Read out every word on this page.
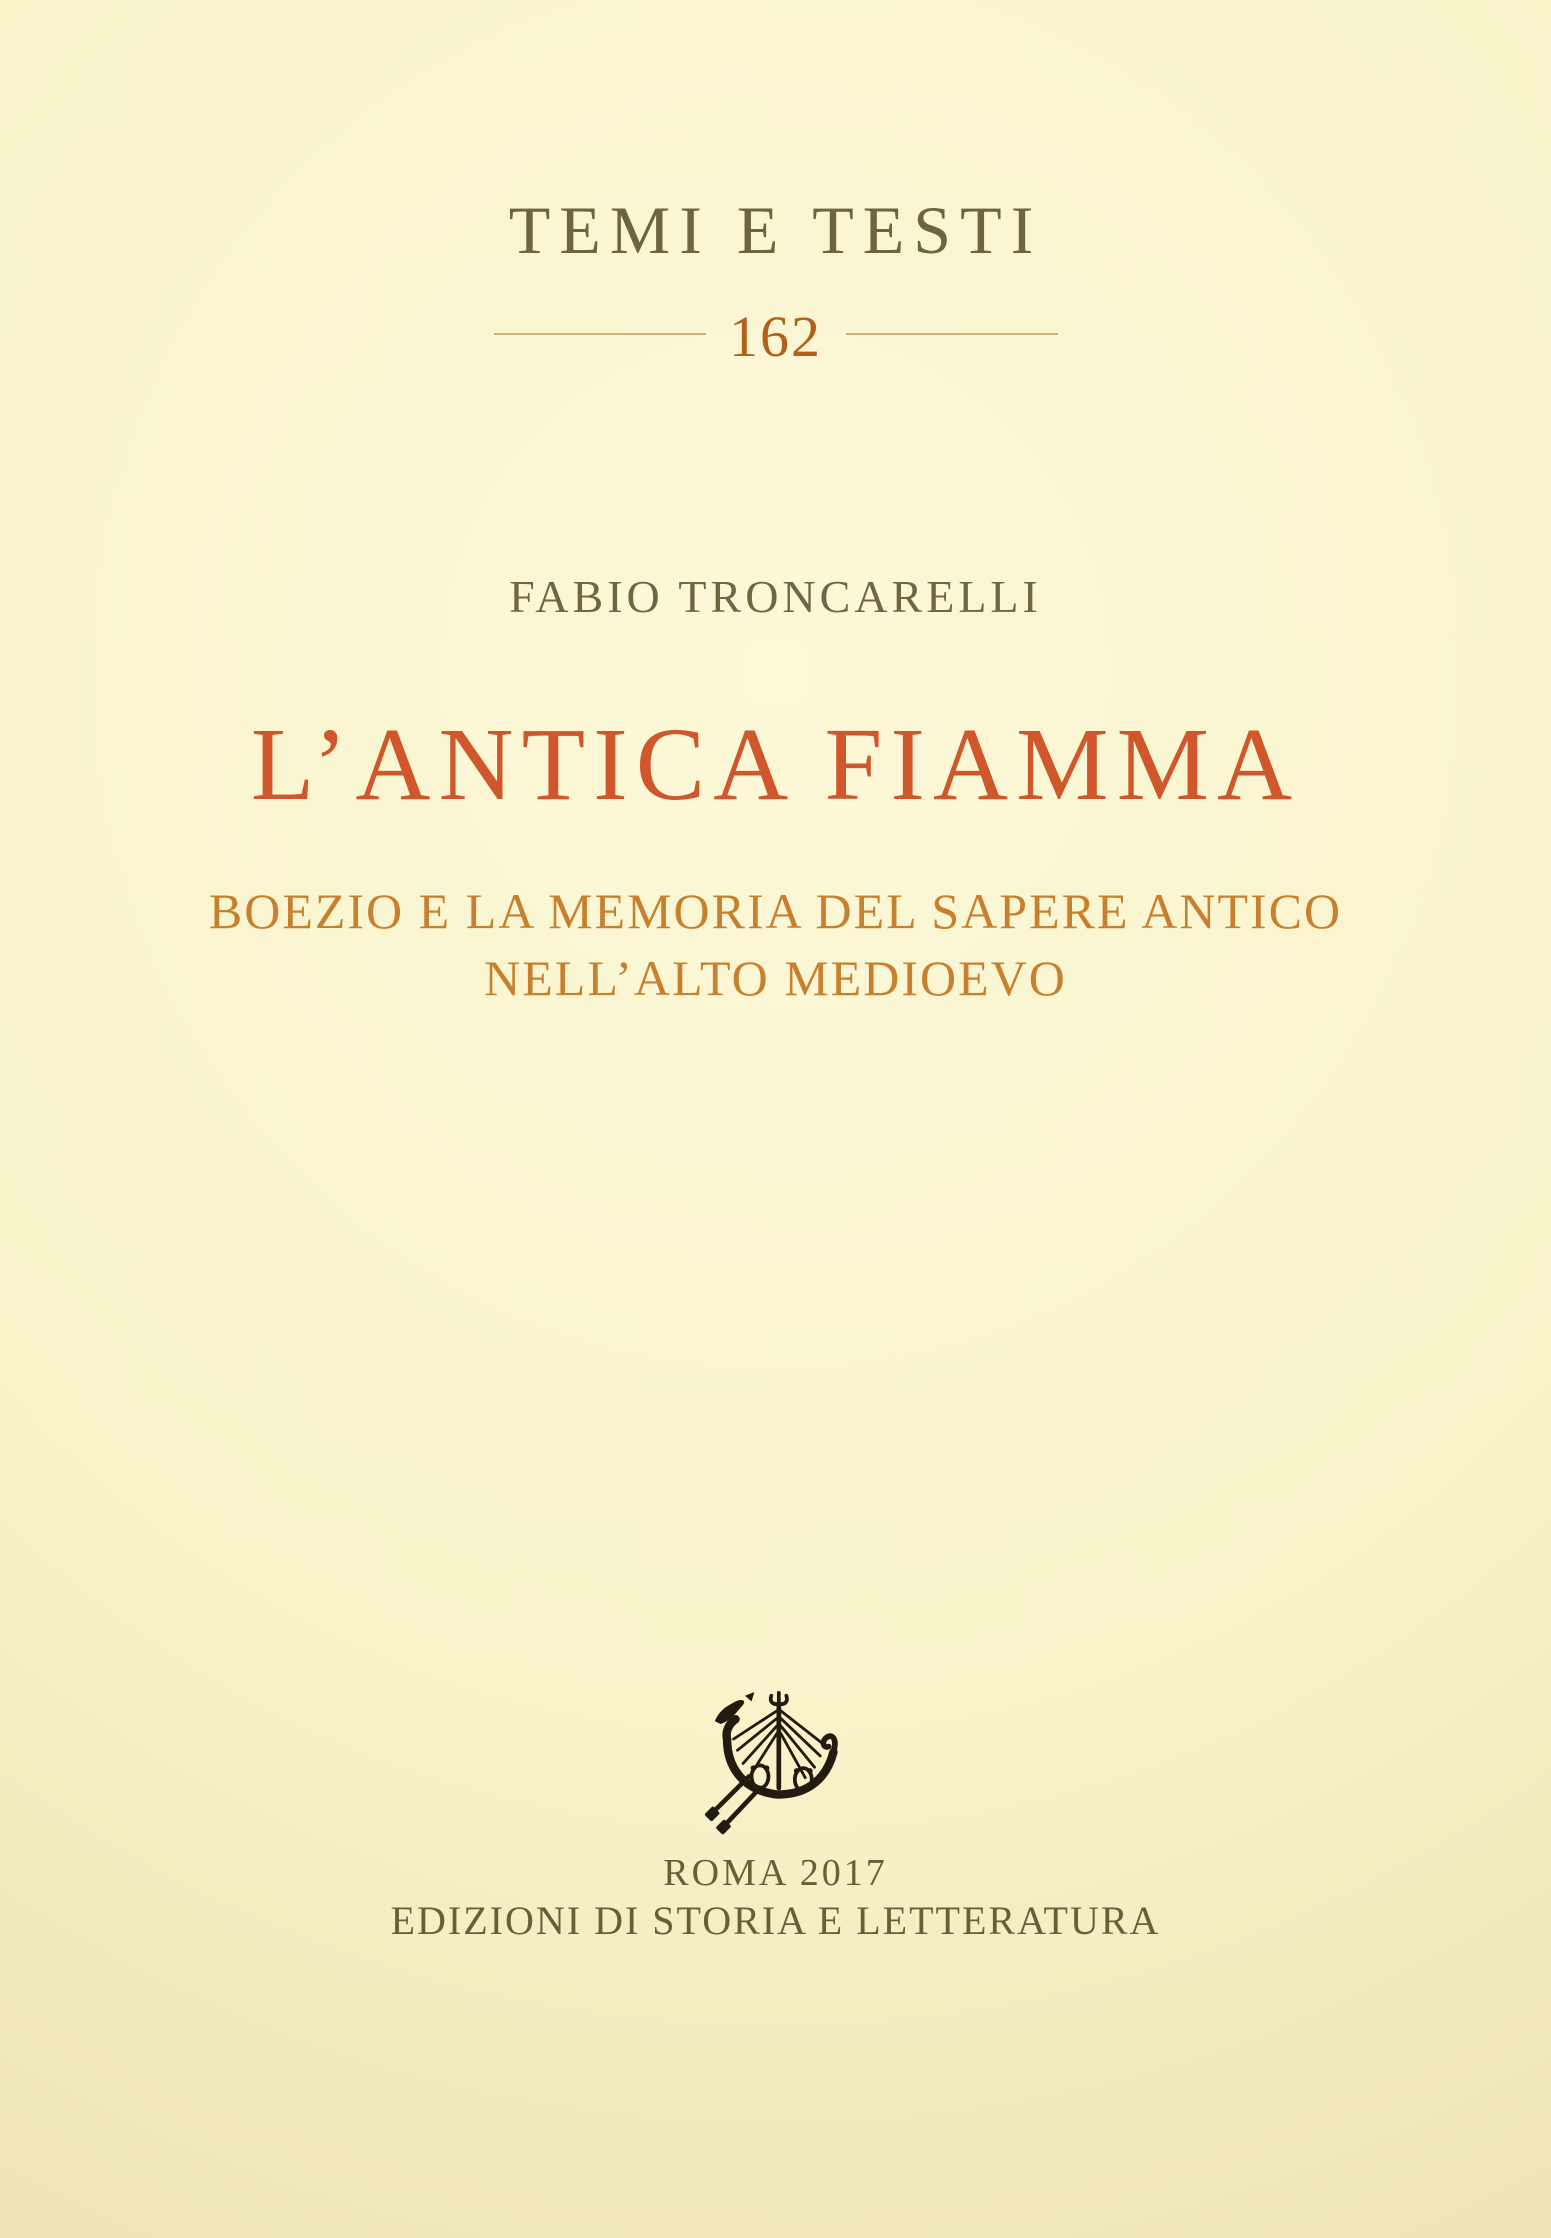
TEMI E TESTI
162
FABIO TRONCARELLI
L’ANTICA FIAMMA
BOEZIO E LA MEMORIA DEL SAPERE ANTICO
NELL’ALTO MEDIOEVO
ROMA 2017
EDIZIONI DI STORIA E LETTERATURA
